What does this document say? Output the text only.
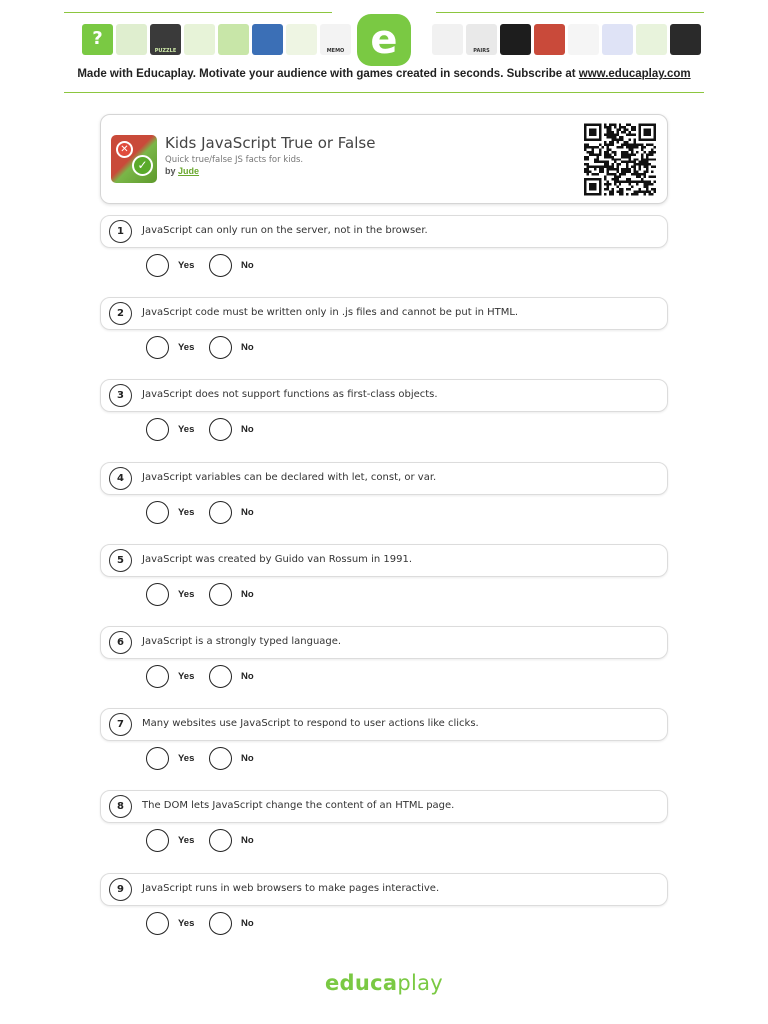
?
PUZZLE	MEMO e	PAIRS
Made with Educaplay. Motivate your audience with games created in seconds. Subscribe at www.educaplay.com
✕
✓
Kids JavaScript True or False
Quick true/false JS facts for kids.
by Jude
1	JavaScript can only run on the server, not in the browser.
Yes	No
2	JavaScript code must be written only in .js files and cannot be put in HTML.
Yes	No
3	JavaScript does not support functions as first-class objects.
Yes	No
4	JavaScript variables can be declared with let, const, or var.
Yes	No
5	JavaScript was created by Guido van Rossum in 1991.
Yes	No
6	JavaScript is a strongly typed language.
Yes	No
7	Many websites use JavaScript to respond to user actions like clicks.
Yes	No
8	The DOM lets JavaScript change the content of an HTML page.
Yes	No
9	JavaScript runs in web browsers to make pages interactive.
Yes	No
educaplay
